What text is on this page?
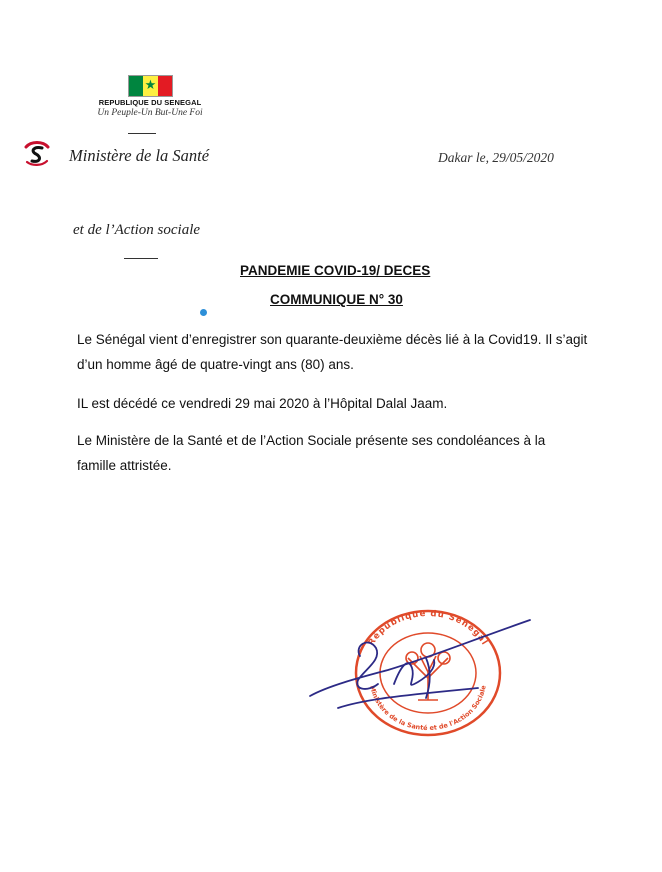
★
REPUBLIQUE DU SENEGAL
Un Peuple-Un But-Une Foi
Ministère de la Santé	Dakar le, 29/05/2020
et de l’Action sociale
PANDEMIE COVID-19/ DECES
COMMUNIQUE N° 30
Le Sénégal vient d’enregistrer son quarante-deuxième décès lié à la Covid19. Il s’agit
d’un homme âgé de quatre-vingt ans (80) ans.
IL est décédé ce vendredi 29 mai 2020 à l’Hôpital Dalal Jaam.
Le Ministère de la Santé et de l’Action Sociale présente ses condoléances à la
famille attristée.
République du Sénégal
Ministère de la Santé et de l'Action Sociale
